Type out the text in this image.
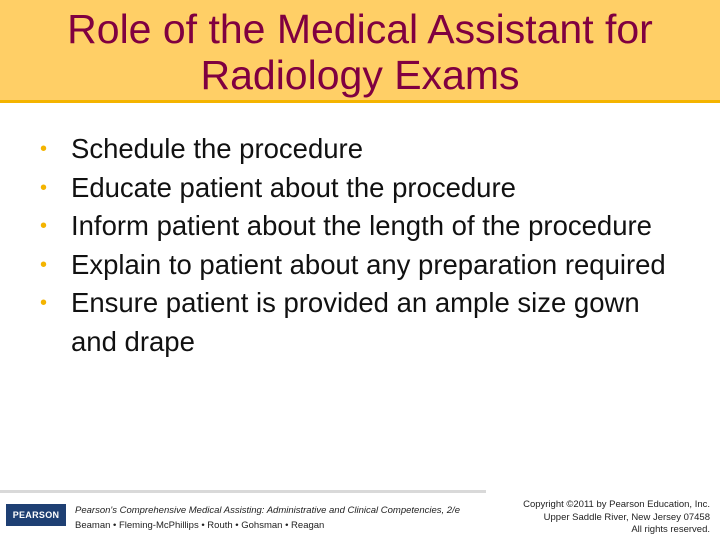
Role of the Medical Assistant for
Radiology Exams
• Schedule the procedure
• Educate patient about the procedure
• Inform patient about the length of the procedure
• Explain to patient about any preparation required
• Ensure patient is provided an ample size gown and drape
PEARSON	Pearson's Comprehensive Medical Assisting: Administrative and Clinical Competencies, 2/e
Beaman • Fleming-McPhillips • Routh • Gohsman • Reagan
Copyright ©2011 by Pearson Education, Inc.
Upper Saddle River, New Jersey 07458
All rights reserved.
